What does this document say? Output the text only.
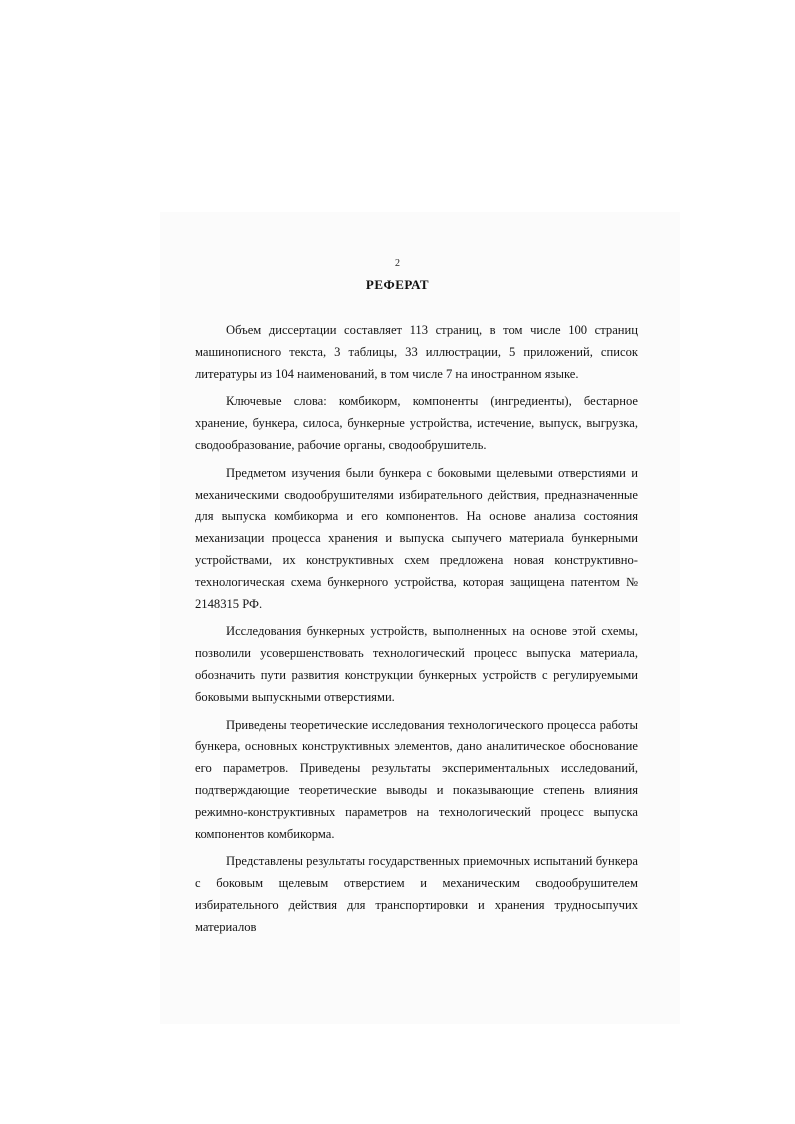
2
РЕФЕРАТ

Объем диссертации составляет 113 страниц, в том числе 100 страниц машинописного текста, 3 таблицы, 33 иллюстрации, 5 приложений, список литературы из 104 наименований, в том числе 7 на иностранном языке.

Ключевые слова: комбикорм, компоненты (ингредиенты), бестарное хранение, бункера, силоса, бункерные устройства, истечение, выпуск, выгрузка, сводообразование, рабочие органы, сводообрушитель.

Предметом изучения были бункера с боковыми щелевыми отверстиями и механическими сводообрушителями избирательного действия, предназначенные для выпуска комбикорма и его компонентов. На основе анализа состояния механизации процесса хранения и выпуска сыпучего материала бункерными устройствами, их конструктивных схем предложена новая конструктивно-технологическая схема бункерного устройства, которая защищена патентом № 2148315 РФ.

Исследования бункерных устройств, выполненных на основе этой схемы, позволили усовершенствовать технологический процесс выпуска материала, обозначить пути развития конструкции бункерных устройств с регулируемыми боковыми выпускными отверстиями.

Приведены теоретические исследования технологического процесса работы бункера, основных конструктивных элементов, дано аналитическое обоснование его параметров. Приведены результаты экспериментальных исследований, подтверждающие теоретические выводы и показывающие степень влияния режимно-конструктивных параметров на технологический процесс выпуска компонентов комбикорма.

Представлены результаты государственных приемочных испытаний бункера с боковым щелевым отверстием и механическим сводообрушителем избирательного действия для транспортировки и хранения трудносыпучих материалов
